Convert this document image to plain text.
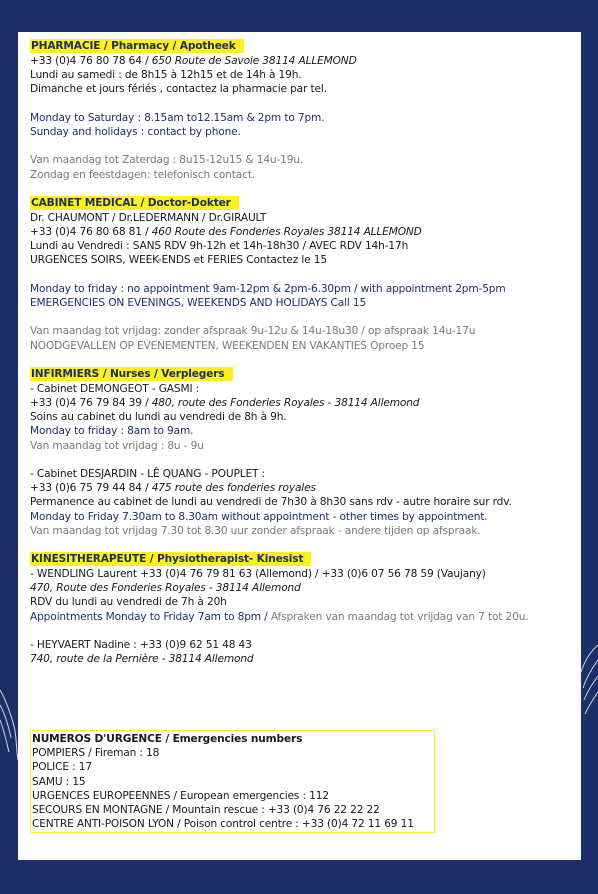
PHARMACIE / Pharmacy / Apotheek
+33 (0)4 76 80 78 64 / 650 Route de Savoie 38114 ALLEMOND
Lundi au samedi : de 8h15 à 12h15 et de 14h à 19h.
Dimanche et jours fériés , contactez la pharmacie par tel.
Monday to Saturday : 8.15am to12.15am & 2pm to 7pm.
Sunday and holidays : contact by phone.
Van maandag tot Zaterdag : 8u15-12u15 & 14u-19u.
Zondag en feestdagen: telefonisch contact.
CABINET MEDICAL / Doctor-Dokter
Dr. CHAUMONT / Dr.LEDERMANN / Dr.GIRAULT
+33 (0)4 76 80 68 81 / 460 Route des Fonderies Royales 38114 ALLEMOND
Lundi au Vendredi : SANS RDV 9h-12h et 14h-18h30 / AVEC RDV 14h-17h
URGENCES SOIRS, WEEK-ENDS et FERIES Contactez le 15
Monday to friday : no appointment 9am-12pm & 2pm-6.30pm / with appointment 2pm-5pm
EMERGENCIES ON EVENINGS, WEEKENDS AND HOLIDAYS Call 15
Van maandag tot vrijdag: zonder afspraak 9u-12u & 14u-18u30 / op afspraak 14u-17u
NOODGEVALLEN OP EVENEMENTEN, WEEKENDEN EN VAKANTIES Oproep 15
INFIRMIERS / Nurses / Verplegers
- Cabinet DEMONGEOT - GASMI :
+33 (0)4 76 79 84 39 / 480, route des Fonderies Royales - 38114 Allemond
Soins au cabinet du lundi au vendredi de 8h à 9h.
Monday to friday : 8am to 9am.
Van maandag tot vrijdag : 8u - 9u
- Cabinet DESJARDIN - LÊ QUANG - POUPLET :
+33 (0)6 75 79 44 84 / 475 route des fonderies royales
Permanence au cabinet de lundi au vendredi de 7h30 à 8h30 sans rdv - autre horaire sur rdv.
Monday to Friday 7.30am to 8.30am without appointment - other times by appointment.
Van maandag tot vrijdag 7.30 tot 8.30 uur zonder afspraak - andere tijden op afspraak.
KINESITHERAPEUTE / Physiotherapist- Kinesist
- WENDLING Laurent +33 (0)4 76 79 81 63 (Allemond) / +33 (0)6 07 56 78 59 (Vaujany)
470, Route des Fonderies Royales - 38114 Allemond
RDV du lundi au vendredi de 7h à 20h
Appointments Monday to Friday 7am to 8pm / Afspraken van maandag tot vrijdag van 7 tot 20u.
- HEYVAERT Nadine : +33 (0)9 62 51 48 43
740, route de la Pernière - 38114 Allemond
NUMEROS D'URGENCE / Emergencies numbers
POMPIERS / Fireman : 18
POLICE : 17
SAMU : 15
URGENCES EUROPEENNES / European emergencies : 112
SECOURS EN MONTAGNE / Mountain rescue : +33 (0)4 76 22 22 22
CENTRE ANTI-POISON LYON / Poison control centre : +33 (0)4 72 11 69 11
